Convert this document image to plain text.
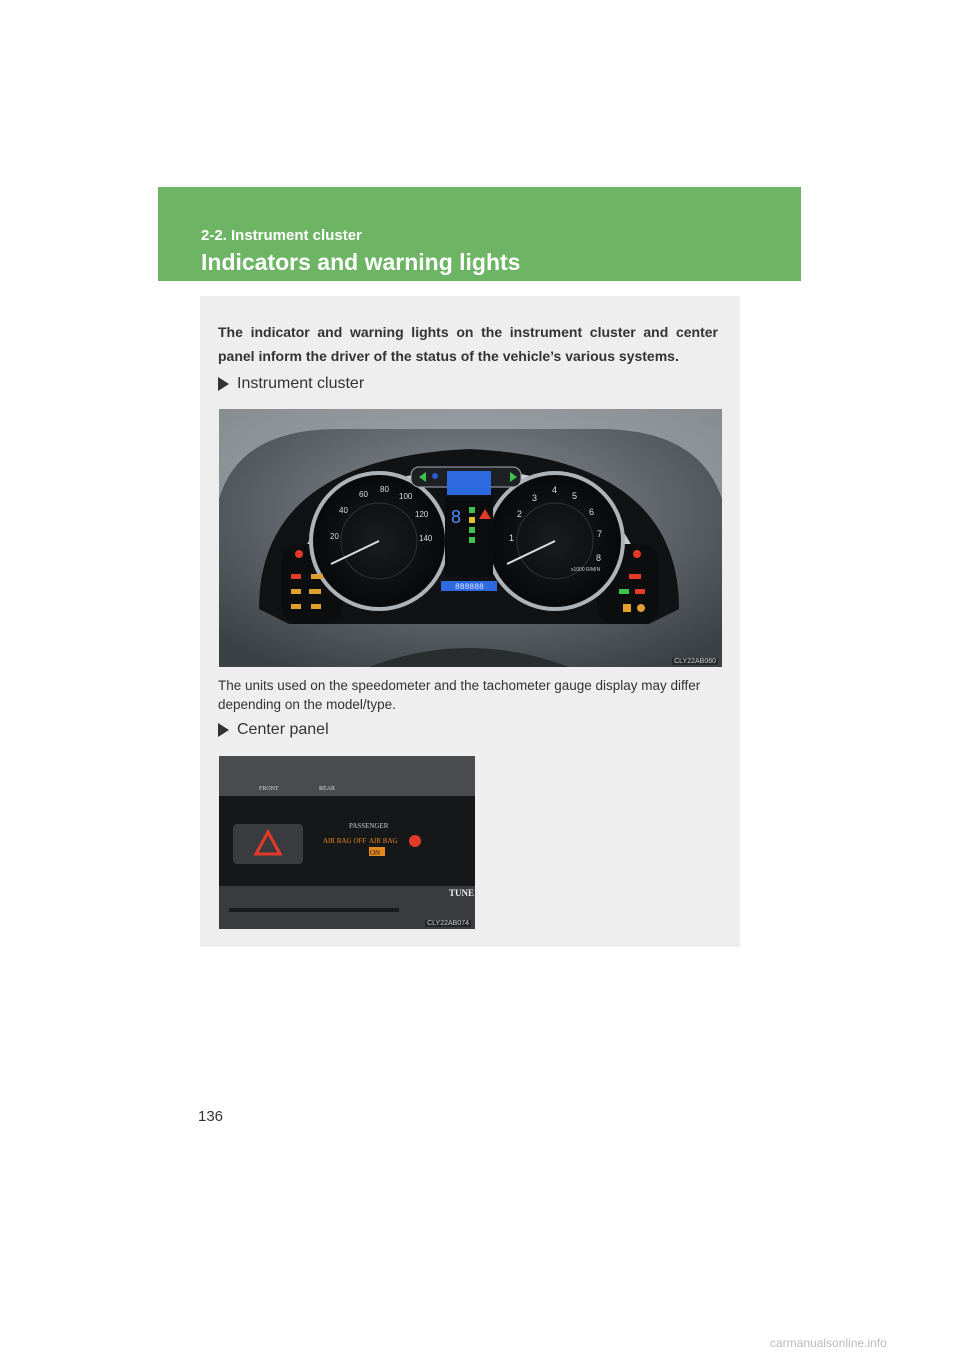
2-2. Instrument cluster
Indicators and warning lights
The indicator and warning lights on the instrument cluster and center panel inform the driver of the status of the vehicle’s various systems.
Instrument cluster
20
40
60
80
100
120
140	1
2
3
4
5
6
7
8
x1000 R/MIN
8
888888
CLY22AB060
The units used on the speedometer and the tachometer gauge display may differ depending on the model/type.
Center panel
FRONT	REAR
PASSENGER
AIR BAG OFF AIR BAG
ON
TUNE
CLY22AB074
136
carmanualsonline.info
